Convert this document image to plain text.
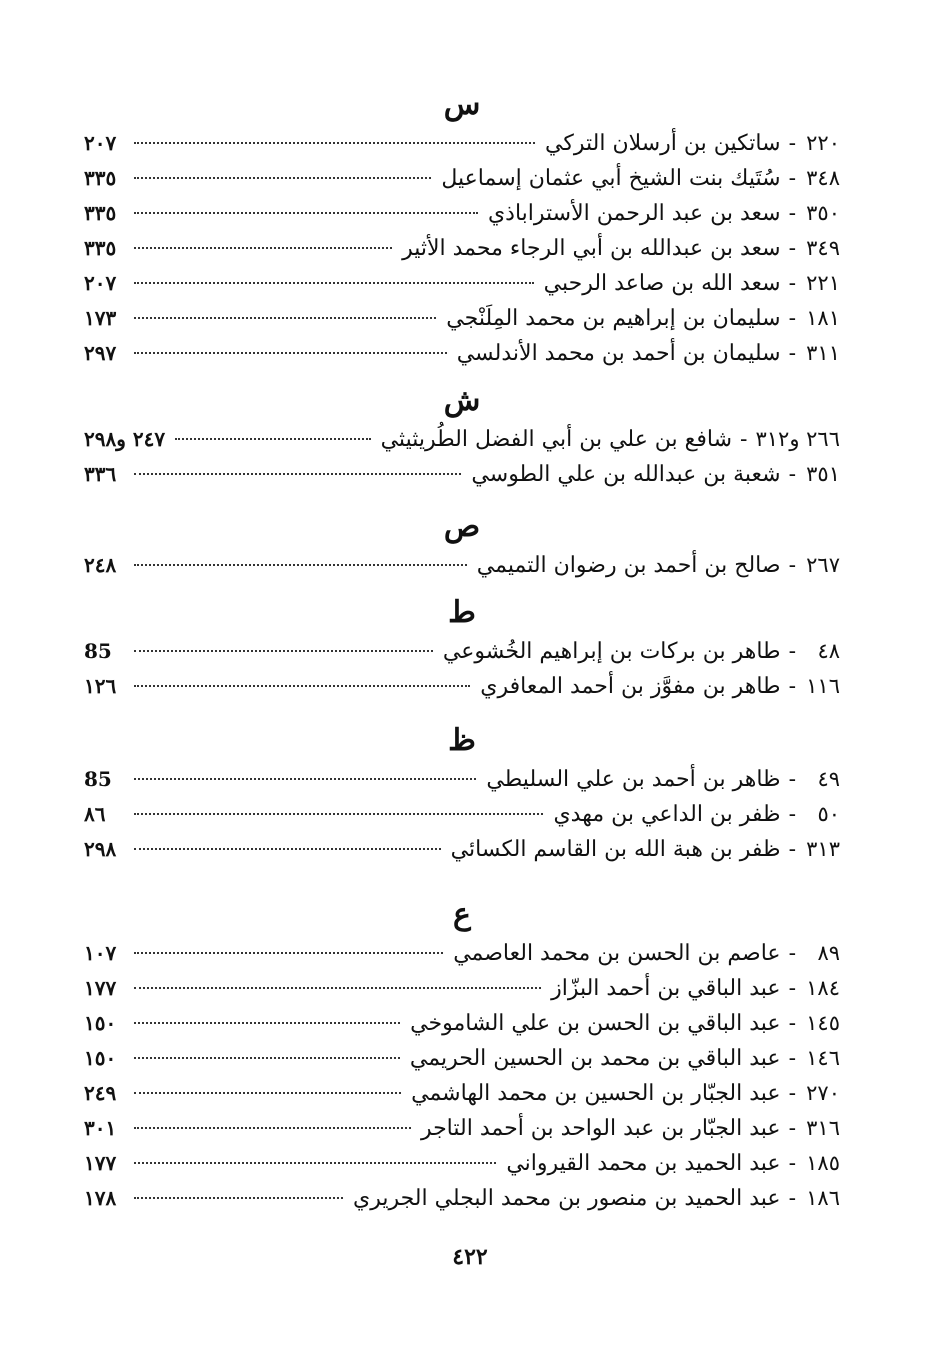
س
٢٠٧	ساتكين بن أرسلان التركي - ٢٢٠
٣٣٥	سُتَيك بنت الشيخ أبي عثمان إسماعيل - ٣٤٨
٣٣٥	سعد بن عبد الرحمن الأستراباذي - ٣٥٠
٣٣٥	سعد بن عبدالله بن أبي الرجاء محمد الأثير - ٣٤٩
٢٠٧	سعد الله بن صاعد الرحبي - ٢٢١
١٧٣	سليمان بن إبراهيم بن محمد المِلَنْجي - ١٨١
٢٩٧	سليمان بن أحمد بن محمد الأندلسي - ٣١١
ش
٢٤٧ و٢٩٨	شافع بن علي بن أبي الفضل الطُريثيثي - ٢٦٦ و٣١٢
٣٣٦	شعبة بن عبدالله بن علي الطوسي - ٣٥١
ص
٢٤٨	صالح بن أحمد بن رضوان التميمي - ٢٦٧
ط
85	طاهر بن بركات بن إبراهيم الخُشوعي -	٤٨
١٢٦	طاهر بن مفوَّز بن أحمد المعافري - ١١٦
ظ
85	ظاهر بن أحمد بن علي السليطي -	٤٩
٨٦	ظفر بن الداعي بن مهدي -	٥٠
٢٩٨	ظفر بن هبة الله بن القاسم الكسائي - ٣١٣
ع
١٠٧	عاصم بن الحسن بن محمد العاصمي -	٨٩
١٧٧	عبد الباقي بن أحمد البزّاز - ١٨٤
١٥٠	عبد الباقي بن الحسن بن علي الشاموخي - ١٤٥
١٥٠	عبد الباقي بن محمد بن الحسين الحريمي - ١٤٦
٢٤٩	عبد الجبّار بن الحسين بن محمد الهاشمي - ٢٧٠
٣٠١	عبد الجبّار بن عبد الواحد بن أحمد التاجر - ٣١٦
١٧٧	عبد الحميد بن محمد القيرواني - ١٨٥
١٧٨	عبد الحميد بن منصور بن محمد البجلي الجريري - ١٨٦
٤٢٢
